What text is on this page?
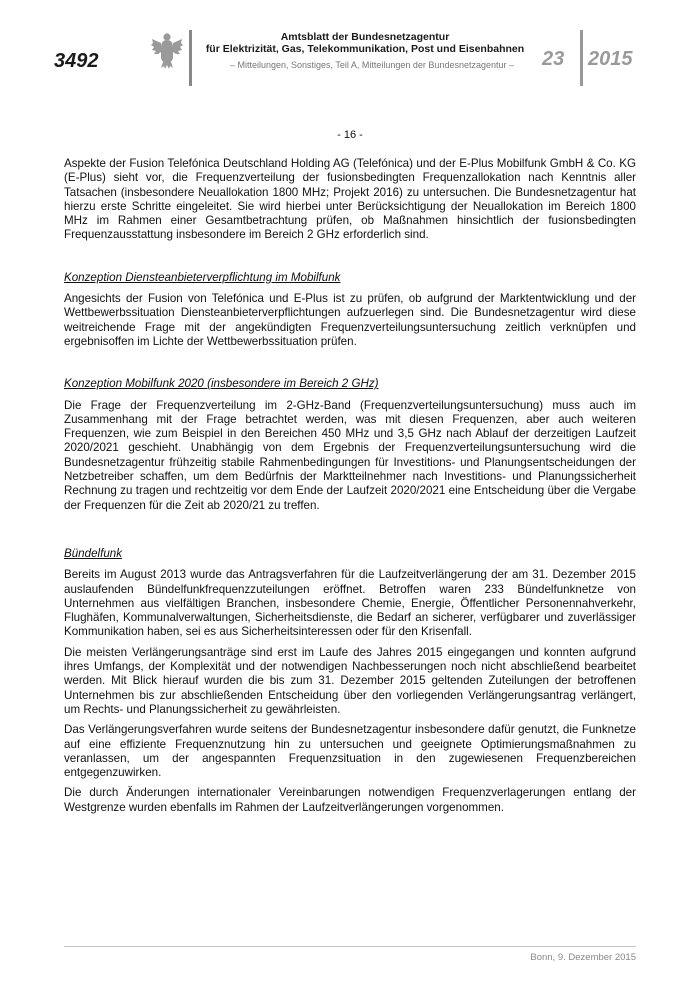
3492
Amtsblatt der Bundesnetzagentur
für Elektrizität, Gas, Telekommunikation, Post und Eisenbahnen
– Mitteilungen, Sonstiges, Teil A, Mitteilungen der Bundesnetzagentur – 23 2015
- 16 -

Aspekte der Fusion Telefónica Deutschland Holding AG (Telefónica) und der E-Plus Mobilfunk GmbH & Co. KG (E-Plus) sieht vor, die Frequenzverteilung der fusionsbedingten Frequenzallokation nach Kenntnis aller Tatsachen (insbesondere Neuallokation 1800 MHz; Projekt 2016) zu untersuchen. Die Bundesnetzagentur hat hierzu erste Schritte eingeleitet. Sie wird hierbei unter Berücksichtigung der Neuallokation im Bereich 1800 MHz im Rahmen einer Gesamtbetrachtung prüfen, ob Maßnahmen hinsichtlich der fusionsbedingten Frequenzausstattung insbesondere im Bereich 2 GHz erforderlich sind.

Konzeption Diensteanbieterverpflichtung im Mobilfunk

Angesichts der Fusion von Telefónica und E-Plus ist zu prüfen, ob aufgrund der Marktentwicklung und der Wettbewerbssituation Diensteanbieterverpflichtungen aufzuerlegen sind. Die Bundesnetzagentur wird diese weitreichende Frage mit der angekündigten Frequenzverteilungsuntersuchung zeitlich verknüpfen und ergebnisoffen im Lichte der Wettbewerbssituation prüfen.

Konzeption Mobilfunk 2020 (insbesondere im Bereich 2 GHz)

Die Frage der Frequenzverteilung im 2-GHz-Band (Frequenzverteilungsuntersuchung) muss auch im Zusammenhang mit der Frage betrachtet werden, was mit diesen Frequenzen, aber auch weiteren Frequenzen, wie zum Beispiel in den Bereichen 450 MHz und 3,5 GHz nach Ablauf der derzeitigen Laufzeit 2020/2021 geschieht. Unabhängig von dem Ergebnis der Frequenzverteilungsuntersuchung wird die Bundesnetzagentur frühzeitig stabile Rahmenbedingungen für Investitions- und Planungsentscheidungen der Netzbetreiber schaffen, um dem Bedürfnis der Marktteilnehmer nach Investitions- und Planungssicherheit Rechnung zu tragen und rechtzeitig vor dem Ende der Laufzeit 2020/2021 eine Entscheidung über die Vergabe der Frequenzen für die Zeit ab 2020/21 zu treffen.

Bündelfunk

Bereits im August 2013 wurde das Antragsverfahren für die Laufzeitverlängerung der am 31. Dezember 2015 auslaufenden Bündelfunkfrequenzzuteilungen eröffnet. Betroffen waren 233 Bündelfunknetze von Unternehmen aus vielfältigen Branchen, insbesondere Chemie, Energie, Öffentlicher Personennahverkehr, Flughäfen, Kommunalverwaltungen, Sicherheitsdienste, die Bedarf an sicherer, verfügbarer und zuverlässiger Kommunikation haben, sei es aus Sicherheitsinteressen oder für den Krisenfall.

Die meisten Verlängerungsanträge sind erst im Laufe des Jahres 2015 eingegangen und konnten aufgrund ihres Umfangs, der Komplexität und der notwendigen Nachbesserungen noch nicht abschließend bearbeitet werden. Mit Blick hierauf wurden die bis zum 31. Dezember 2015 geltenden Zuteilungen der betroffenen Unternehmen bis zur abschließenden Entscheidung über den vorliegenden Verlängerungsantrag verlängert, um Rechts- und Planungssicherheit zu gewährleisten.

Das Verlängerungsverfahren wurde seitens der Bundesnetzagentur insbesondere dafür genutzt, die Funknetze auf eine effiziente Frequenznutzung hin zu untersuchen und geeignete Optimierungsmaßnahmen zu veranlassen, um der angespannten Frequenzsituation in den zugewiesenen Frequenzbereichen entgegenzuwirken.

Die durch Änderungen internationaler Vereinbarungen notwendigen Frequenzverlagerungen entlang der Westgrenze wurden ebenfalls im Rahmen der Laufzeitverlängerungen vorgenommen.

Bonn, 9. Dezember 2015
